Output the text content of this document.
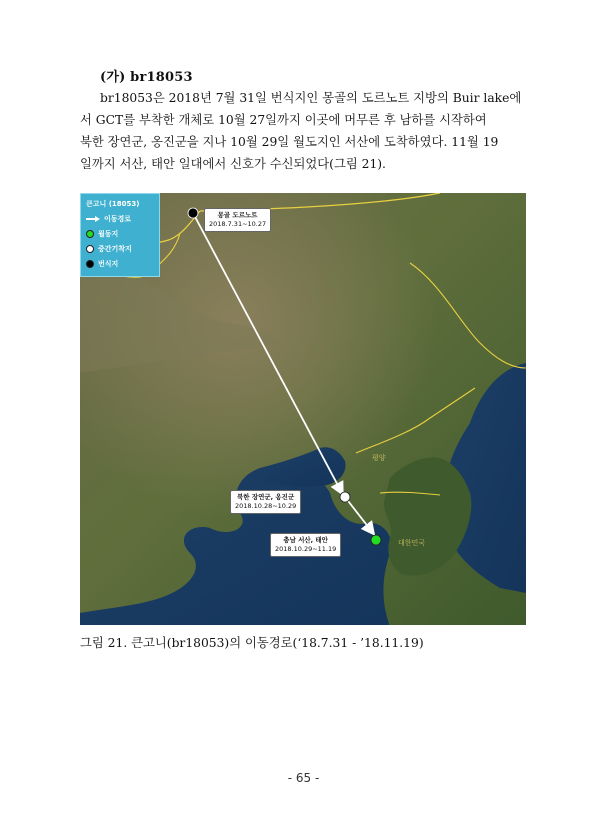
(가) br18053
br18053은 2018년 7월 31일 번식지인 몽골의 도르노트 지방의 Buir lake에
서 GCT를 부착한 개체로 10월 27일까지 이곳에 머무른 후 남하를 시작하여
북한 장연군, 옹진군을 지나 10월 29일 월도지인 서산에 도착하였다. 11월 19
일까지 서산, 태안 일대에서 신호가 수신되었다(그림 21).
큰고니 (18053)
이동경로
월동지
중간기착지
번식지
몽골 도르노트
2018.7.31~10.27
북한 장연군, 옹진군
2018.10.28~10.29
충남 서산, 태안
2018.10.29~11.19
평양
대한민국
그림 21. 큰고니(br18053)의 이동경로(‘18.7.31 - ’18.11.19)
- 65 -
